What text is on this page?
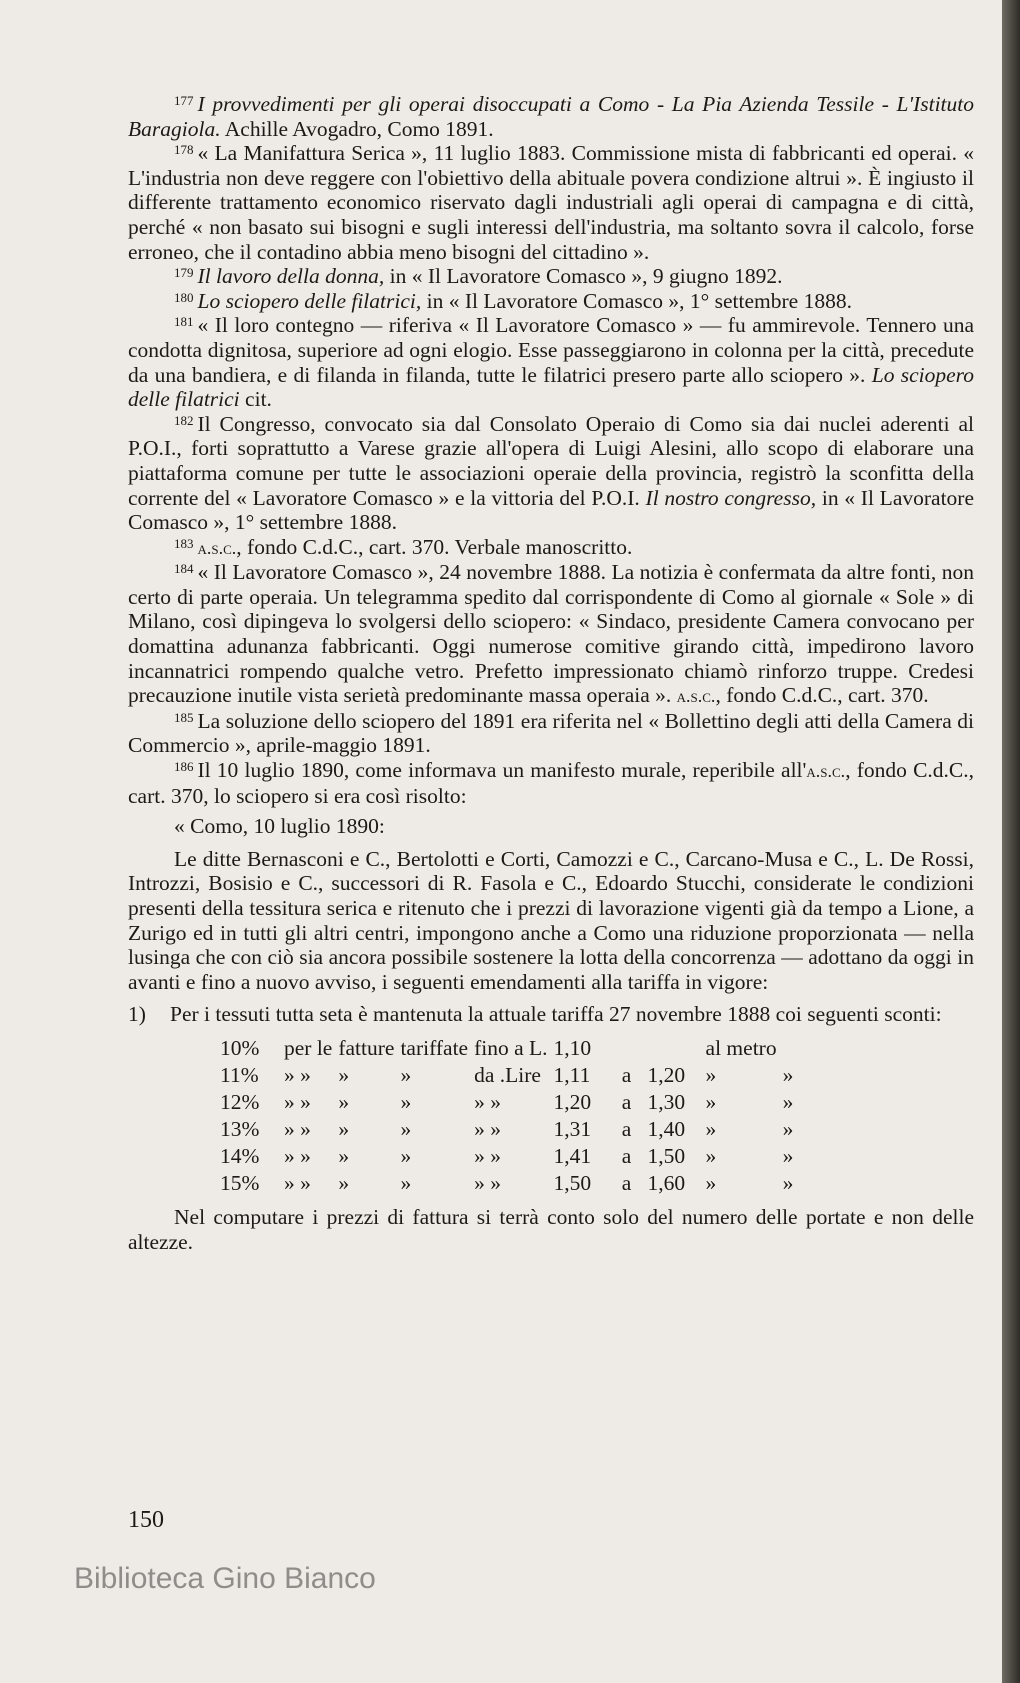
$^{177}$ I provvedimenti per gli operai disoccupati a Como - La Pia Azienda Tessile - L'Istituto Baragiola. Achille Avogadro, Como 1891.

$^{178}$ « La Manifattura Serica », 11 luglio 1883. Commissione mista di fabbricanti ed operai. « L'industria non deve reggere con l'obiettivo della abituale povera condizione altrui ». È ingiusto il differente trattamento economico riservato dagli industriali agli operai di campagna e di città, perché « non basato sui bisogni e sugli interessi dell'industria, ma soltanto sovra il calcolo, forse erroneo, che il contadino abbia meno bisogni del cittadino ».

$^{179}$ Il lavoro della donna, in « Il Lavoratore Comasco », 9 giugno 1892.

$^{180}$ Lo sciopero delle filatrici, in « Il Lavoratore Comasco », 1° settembre 1888.

$^{181}$ « Il loro contegno — riferiva « Il Lavoratore Comasco » — fu ammirevole. Tennero una condotta dignitosa, superiore ad ogni elogio. Esse passeggiarono in colonna per la città, precedute da una bandiera, e di filanda in filanda, tutte le filatrici presero parte allo sciopero ». Lo sciopero delle filatrici cit.

$^{182}$ Il Congresso, convocato sia dal Consolato Operaio di Como sia dai nuclei aderenti al P.O.I., forti soprattutto a Varese grazie all'opera di Luigi Alesini, allo scopo di elaborare una piattaforma comune per tutte le associazioni operaie della provincia, registrò la sconfitta della corrente del « Lavoratore Comasco » e la vittoria del P.O.I. Il nostro congresso, in « Il Lavoratore Comasco », 1° settembre 1888.

$^{183}$ a.s.c., fondo C.d.C., cart. 370. Verbale manoscritto.

$^{184}$ « Il Lavoratore Comasco », 24 novembre 1888. La notizia è confermata da altre fonti, non certo di parte operaia. Un telegramma spedito dal corrispondente di Como al giornale « Sole » di Milano, così dipingeva lo svolgersi dello sciopero: « Sindaco, presidente Camera convocano per domattina adunanza fabbricanti. Oggi numerose comitive girando città, impedirono lavoro incannatrici rompendo qualche vetro. Prefetto impressionato chiamò rinforzo truppe. Credesi precauzione inutile vista serietà predominante massa operaia ». a.s.c., fondo C.d.C., cart. 370.

$^{185}$ La soluzione dello sciopero del 1891 era riferita nel « Bollettino degli atti della Camera di Commercio », aprile-maggio 1891.

$^{186}$ Il 10 luglio 1890, come informava un manifesto murale, reperibile all'a.s.c., fondo C.d.C., cart. 370, lo sciopero si era così risolto:

« Como, 10 luglio 1890:

Le ditte Bernasconi e C., Bertolotti e Corti, Camozzi e C., Carcano-Musa e C., L. De Rossi, Introzzi, Bosisio e C., successori di R. Fasola e C., Edoardo Stucchi, considerate le condizioni presenti della tessitura serica e ritenuto che i prezzi di lavorazione vigenti già da tempo a Lione, a Zurigo ed in tutti gli altri centri, impongono anche a Como una riduzione proporzionata — nella lusinga che con ciò sia ancora possibile sostenere la lotta della concorrenza — adottano da oggi in avanti e fino a nuovo avviso, i seguenti emendamenti alla tariffa in vigore:

1)	Per i tessuti tutta seta è mantenuta la attuale tariffa 27 novembre 1888 coi seguenti sconti:
10%	per le	fatture	tariffate	fino a L.	1,10			al metro	
11%	» »	»	»	da .Lire	1,11	a	1,20	»	»
12%	» »	»	»	» »	1,20	a	1,30	»	»
13%	» »	»	»	» »	1,31	a	1,40	»	»
14%	» »	»	»	» »	1,41	a	1,50	»	»
15%	» »	»	»	» »	1,50	a	1,60	»	»

Nel computare i prezzi di fattura si terrà conto solo del numero delle portate e non delle altezze.

150
Biblioteca Gino Bianco
